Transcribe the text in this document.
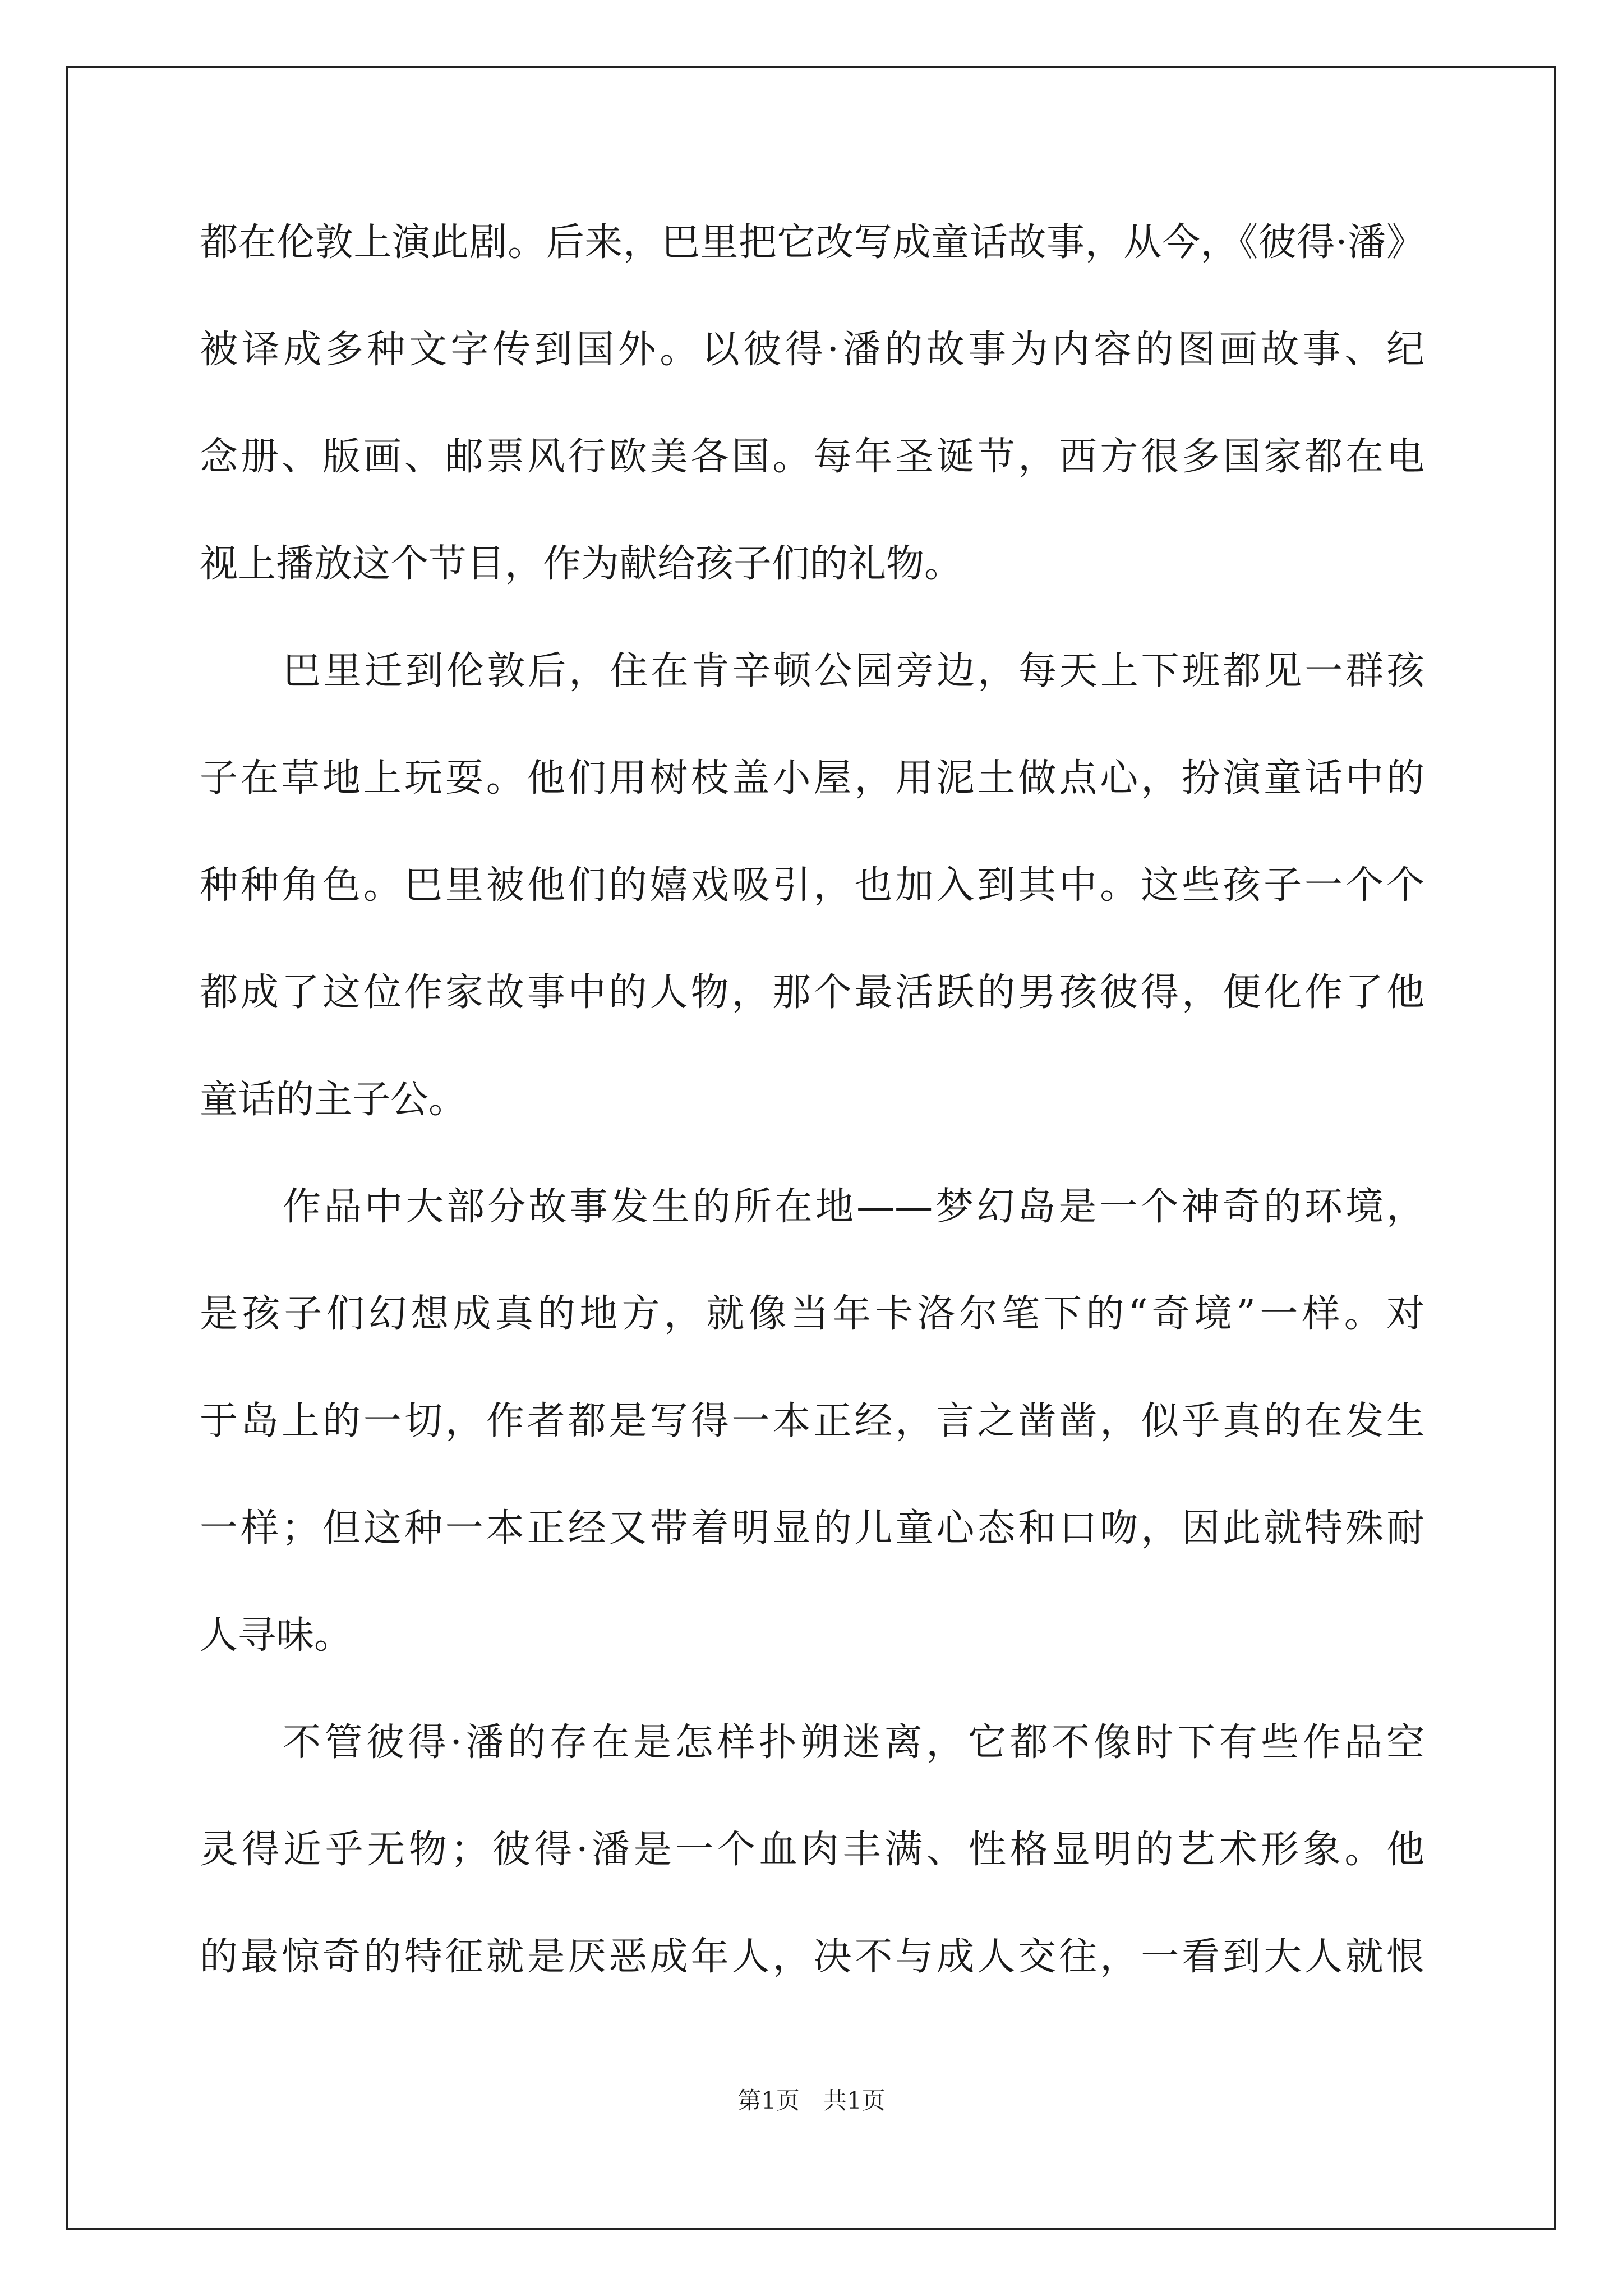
都在伦敦上演此剧。后来，巴里把它改写成童话故事，从今，《彼得·潘》
被译成多种文字传到国外。以彼得·潘的故事为内容的图画故事、纪
念册、版画、邮票风行欧美各国。每年圣诞节，西方很多国家都在电
视上播放这个节目，作为献给孩子们的礼物。
巴里迁到伦敦后，住在肯辛顿公园旁边，每天上下班都见一群孩
子在草地上玩耍。他们用树枝盖小屋，用泥土做点心，扮演童话中的
种种角色。巴里被他们的嬉戏吸引，也加入到其中。这些孩子一个个
都成了这位作家故事中的人物，那个最活跃的男孩彼得，便化作了他
童话的主子公。
作品中大部分故事发生的所在地——梦幻岛是一个神奇的环境，
是孩子们幻想成真的地方，就像当年卡洛尔笔下的“奇境”一样。对
于岛上的一切，作者都是写得一本正经，言之凿凿，似乎真的在发生
一样；但这种一本正经又带着明显的儿童心态和口吻，因此就特殊耐
人寻味。
不管彼得·潘的存在是怎样扑朔迷离，它都不像时下有些作品空
灵得近乎无物；彼得·潘是一个血肉丰满、性格显明的艺术形象。他
的最惊奇的特征就是厌恶成年人，决不与成人交往，一看到大人就恨
第1页　共1页
